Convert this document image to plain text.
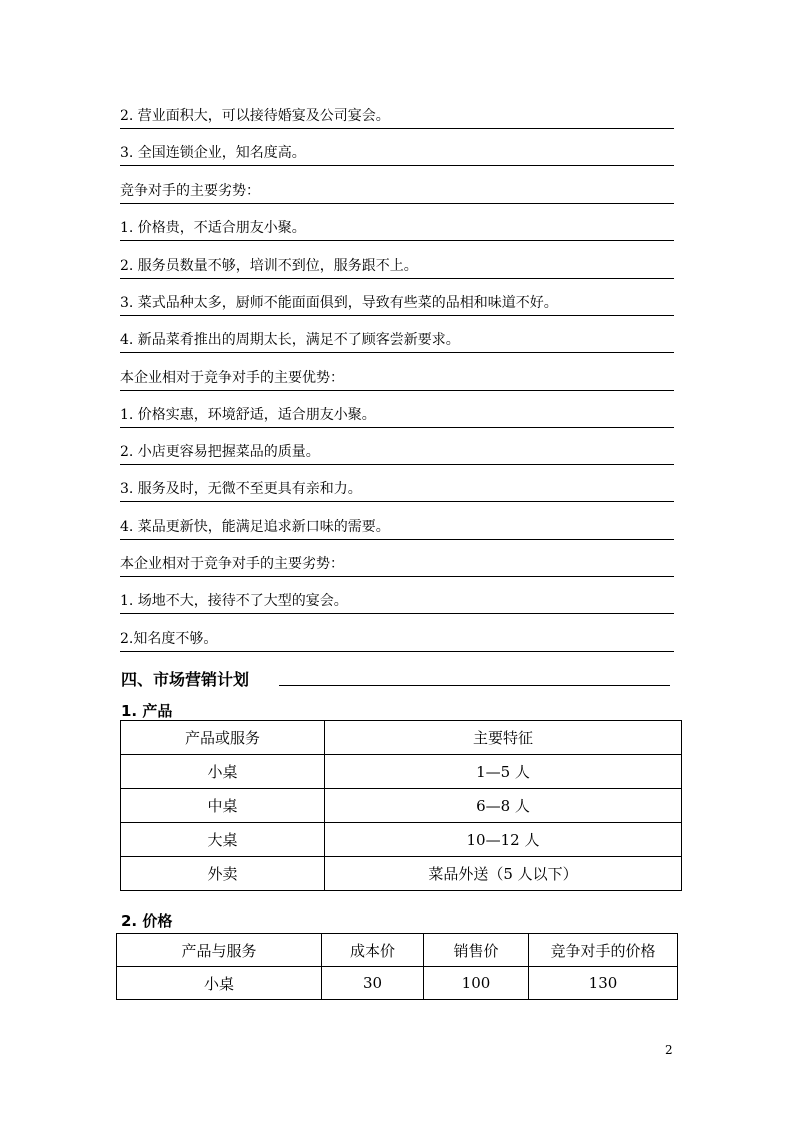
2. 营业面积大，可以接待婚宴及公司宴会。
3. 全国连锁企业，知名度高。
竞争对手的主要劣势：
1. 价格贵，不适合朋友小聚。
2. 服务员数量不够，培训不到位，服务跟不上。
3. 菜式品种太多，厨师不能面面俱到，导致有些菜的品相和味道不好。
4. 新品菜肴推出的周期太长，满足不了顾客尝新要求。
本企业相对于竞争对手的主要优势：
1. 价格实惠，环境舒适，适合朋友小聚。
2. 小店更容易把握菜品的质量。
3. 服务及时，无微不至更具有亲和力。
4. 菜品更新快，能满足追求新口味的需要。
本企业相对于竞争对手的主要劣势：
1. 场地不大，接待不了大型的宴会。
2.知名度不够。
四、市场营销计划
1. 产品
产品或服务	主要特征
小桌	1—5 人
中桌	6—8 人
大桌	10—12 人
外卖	菜品外送（5 人以下）
2. 价格
产品与服务	成本价	销售价	竞争对手的价格
小桌	30	100	130
2
